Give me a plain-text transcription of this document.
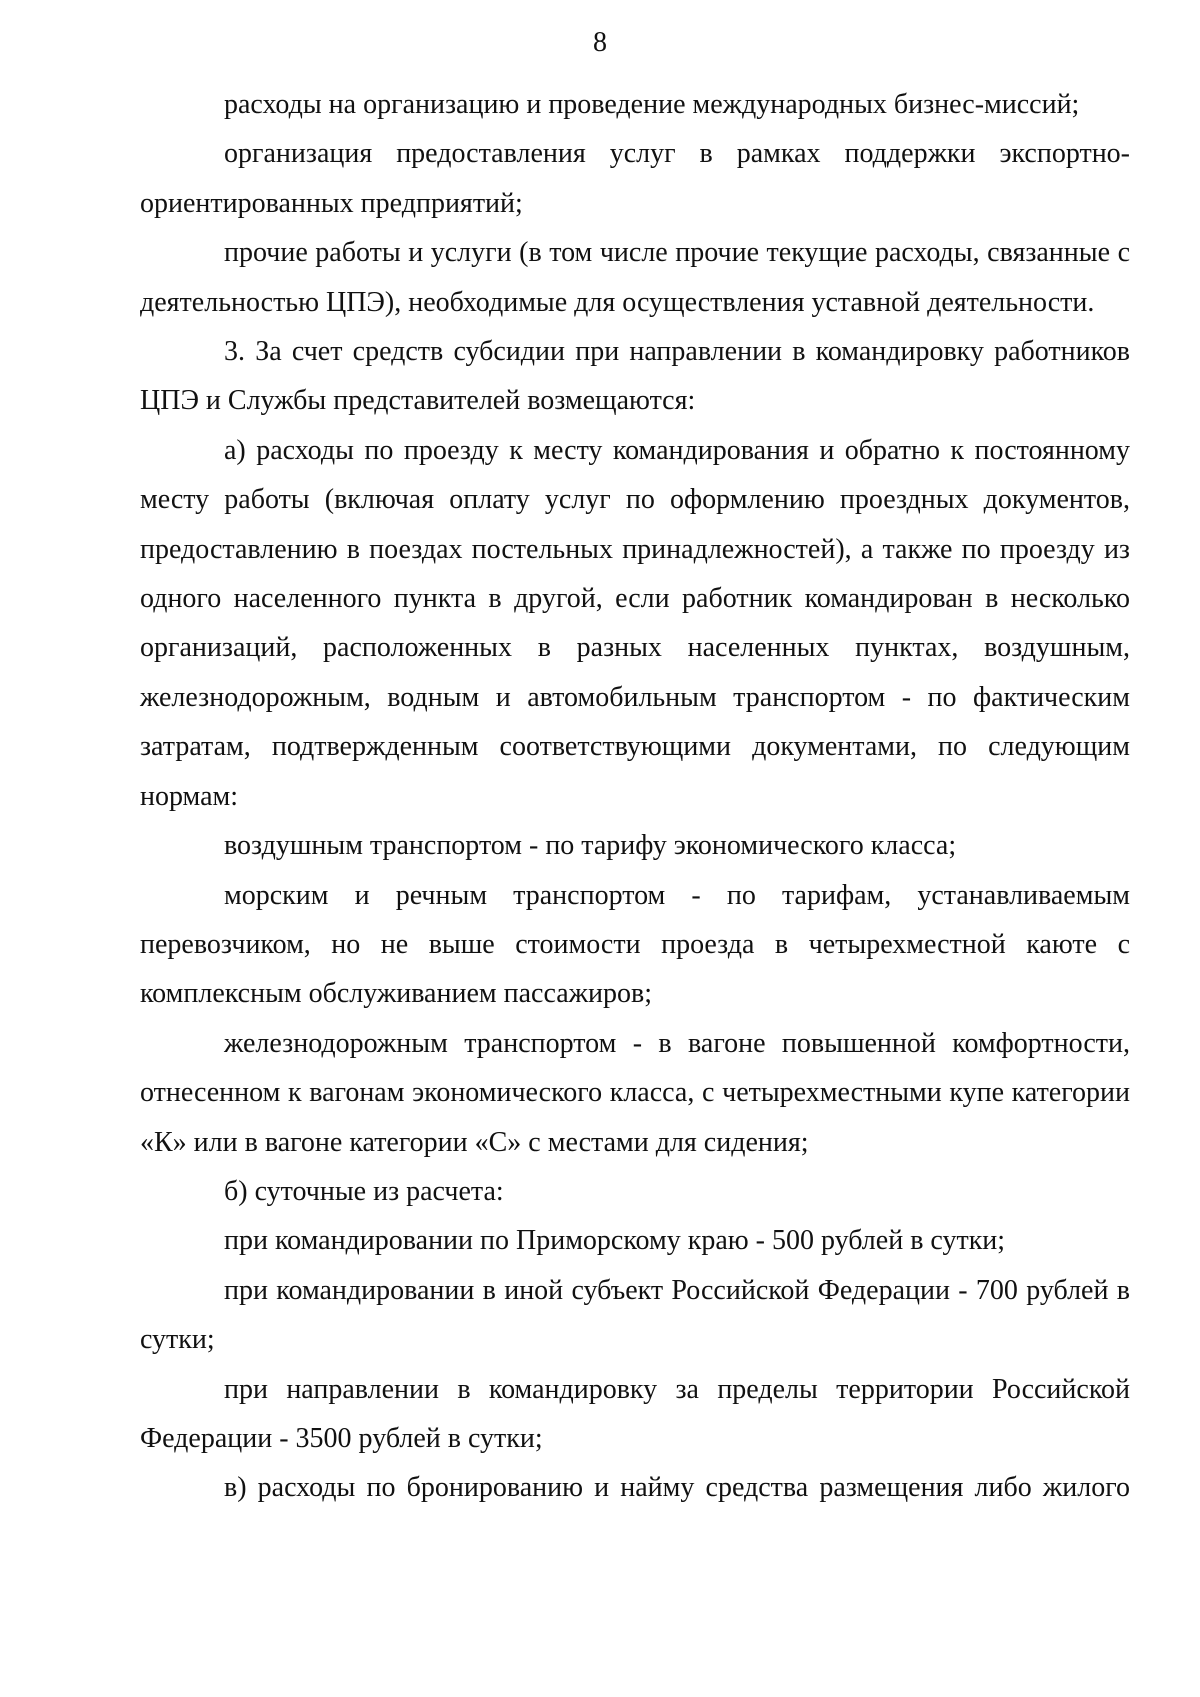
8

расходы на организацию и проведение международных бизнес-миссий;

организация предоставления услуг в рамках поддержки экспортно-ориентированных предприятий;

прочие работы и услуги (в том числе прочие текущие расходы, связанные с деятельностью ЦПЭ), необходимые для осуществления уставной деятельности.

3. За счет средств субсидии при направлении в командировку работников ЦПЭ и Службы представителей возмещаются:

а) расходы по проезду к месту командирования и обратно к постоянному месту работы (включая оплату услуг по оформлению проездных документов, предоставлению в поездах постельных принадлежностей), а также по проезду из одного населенного пункта в другой, если работник командирован в несколько организаций, расположенных в разных населенных пунктах, воздушным, железнодорожным, водным и автомобильным транспортом - по фактическим затратам, подтвержденным соответствующими документами, по следующим нормам:

воздушным транспортом - по тарифу экономического класса;

морским и речным транспортом - по тарифам, устанавливаемым перевозчиком, но не выше стоимости проезда в четырехместной каюте с комплексным обслуживанием пассажиров;

железнодорожным транспортом - в вагоне повышенной комфортности, отнесенном к вагонам экономического класса, с четырехместными купе категории «К» или в вагоне категории «С» с местами для сидения;

б) суточные из расчета:

при командировании по Приморскому краю - 500 рублей в сутки;

при командировании в иной субъект Российской Федерации - 700 рублей в сутки;

при направлении в командировку за пределы территории Российской Федерации - 3500 рублей в сутки;

в) расходы по бронированию и найму средства размещения либо жилого
